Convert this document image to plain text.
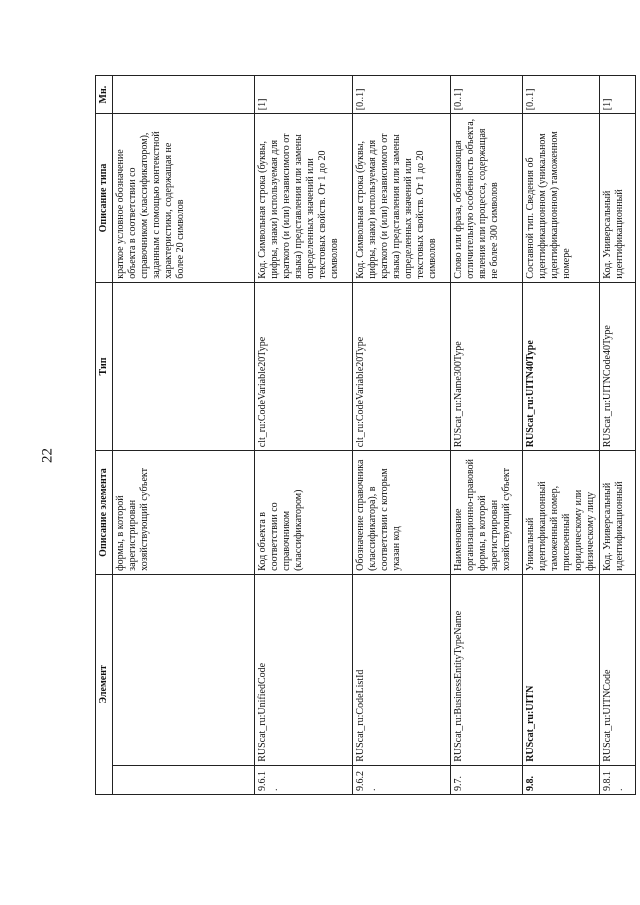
22
Элемент		Описание элемента	Тип	Описание типа	Мн.
		формы, в которой зарегистрирован хозяйствующий субъект		краткое условное обозначение объекта в соответствии со справочником (классификатором), заданным с помощью контекстной характеристики, содержащая не более 20 символов	
9.6.1.	RUScat_ru:UnifiedCode	Код объекта в соответствии со справочником (классификатором)	clt_ru:CodeVariable20Type	Код. Символьная строка (буквы, цифры, знаки) используемая для краткого (и (или) независимого от языка) представления или замены определенных значений или текстовых свойств. От 1 до 20 символов	[1]
9.6.2.	RUScat_ru:CodeListId	Обозначение справочника (классификатора), в соответствии с которым указан код	clt_ru:CodeVariable20Type	Код. Символьная строка (буквы, цифры, знаки) используемая для краткого (и (или) независимого от языка) представления или замены определенных значений или текстовых свойств. От 1 до 20 символов	[0..1]
9.7.	RUScat_ru:BusinessEntityTypeName	Наименование организационно-правовой формы, в которой зарегистрирован хозяйствующий субъект	RUScat_ru:Name300Type	Слово или фраза, обозначающая отличительную особенность объекта, явления или процесса, содержащая не более 300 символов	[0..1]
9.8.	RUScat_ru:UITN	Уникальный идентификационный таможенный номер, присвоенный юридическому или физическому лицу	RUScat_ru:UITN40Type	Составной тип. Сведения об идентификационном (уникальном идентификационном) таможенном номере	[0..1]
9.8.1.	RUScat_ru:UITNCode	Код. Универсальный идентификационный	RUScat_ru:UITNCode40Type	Код. Универсальный идентификационный	[1]
